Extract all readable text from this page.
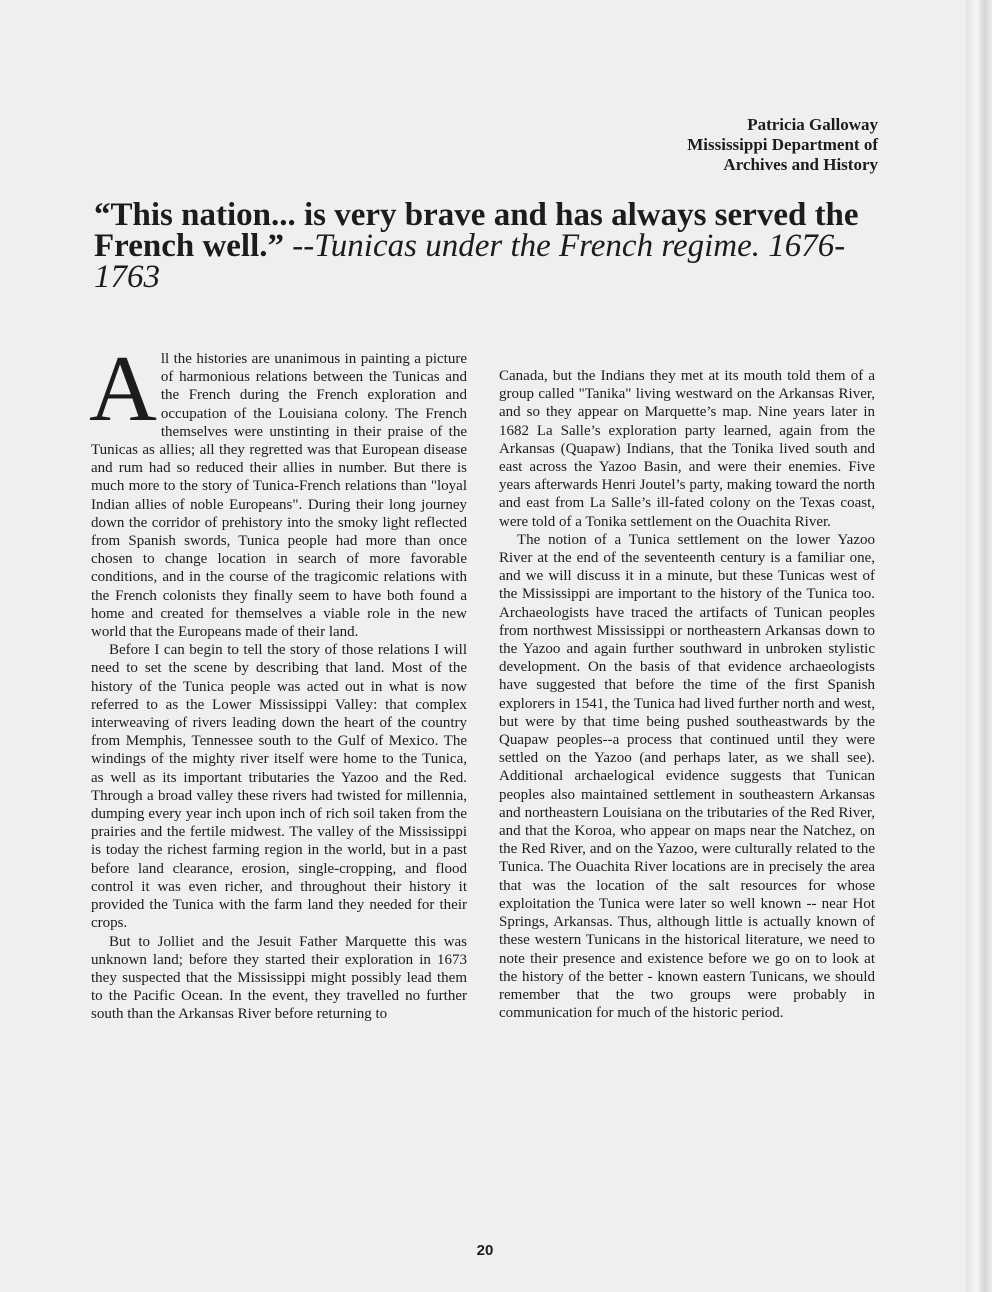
Patricia Galloway
Mississippi Department of
Archives and History
“This nation... is very brave and has always served the French well.” --Tunicas under the French regime. 1676-1763

All the histories are unanimous in painting a picture of harmonious relations between the Tunicas and the French during the French exploration and occupation of the Louisiana colony. The French themselves were unstinting in their praise of the Tunicas as allies; all they regretted was that European disease and rum had so reduced their allies in number. But there is much more to the story of Tunica-French relations than "loyal Indian allies of noble Europeans". During their long journey down the corridor of prehistory into the smoky light reflected from Spanish swords, Tunica people had more than once chosen to change location in search of more favorable conditions, and in the course of the tragicomic relations with the French colonists they finally seem to have both found a home and created for themselves a viable role in the new world that the Europeans made of their land.

Before I can begin to tell the story of those relations I will need to set the scene by describing that land. Most of the history of the Tunica people was acted out in what is now referred to as the Lower Mississippi Valley: that complex interweaving of rivers leading down the heart of the country from Memphis, Tennessee south to the Gulf of Mexico. The windings of the mighty river itself were home to the Tunica, as well as its important tributaries the Yazoo and the Red. Through a broad valley these rivers had twisted for millennia, dumping every year inch upon inch of rich soil taken from the prairies and the fertile midwest. The valley of the Mississippi is today the richest farming region in the world, but in a past before land clearance, erosion, single-cropping, and flood control it was even richer, and throughout their history it provided the Tunica with the farm land they needed for their crops.

But to Jolliet and the Jesuit Father Marquette this was unknown land; before they started their exploration in 1673 they suspected that the Mississippi might possibly lead them to the Pacific Ocean. In the event, they travelled no further south than the Arkansas River before returning to

Canada, but the Indians they met at its mouth told them of a group called "Tanika" living westward on the Arkansas River, and so they appear on Marquette’s map. Nine years later in 1682 La Salle’s exploration party learned, again from the Arkansas (Quapaw) Indians, that the Tonika lived south and east across the Yazoo Basin, and were their enemies. Five years afterwards Henri Joutel’s party, making toward the north and east from La Salle’s ill-fated colony on the Texas coast, were told of a Tonika settlement on the Ouachita River.

The notion of a Tunica settlement on the lower Yazoo River at the end of the seventeenth century is a familiar one, and we will discuss it in a minute, but these Tunicas west of the Mississippi are important to the history of the Tunica too. Archaeologists have traced the artifacts of Tunican peoples from northwest Mississippi or northeastern Arkansas down to the Yazoo and again further southward in unbroken stylistic development. On the basis of that evidence archaeologists have suggested that before the time of the first Spanish explorers in 1541, the Tunica had lived further north and west, but were by that time being pushed southeastwards by the Quapaw peoples--a process that continued until they were settled on the Yazoo (and perhaps later, as we shall see). Additional archaelogical evidence suggests that Tunican peoples also maintained settlement in southeastern Arkansas and northeastern Louisiana on the tributaries of the Red River, and that the Koroa, who appear on maps near the Natchez, on the Red River, and on the Yazoo, were culturally related to the Tunica. The Ouachita River locations are in precisely the area that was the location of the salt resources for whose exploitation the Tunica were later so well known -- near Hot Springs, Arkansas. Thus, although little is actually known of these western Tunicans in the historical literature, we need to note their presence and existence before we go on to look at the history of the better - known eastern Tunicans, we should remember that the two groups were probably in communication for much of the historic period.

20
